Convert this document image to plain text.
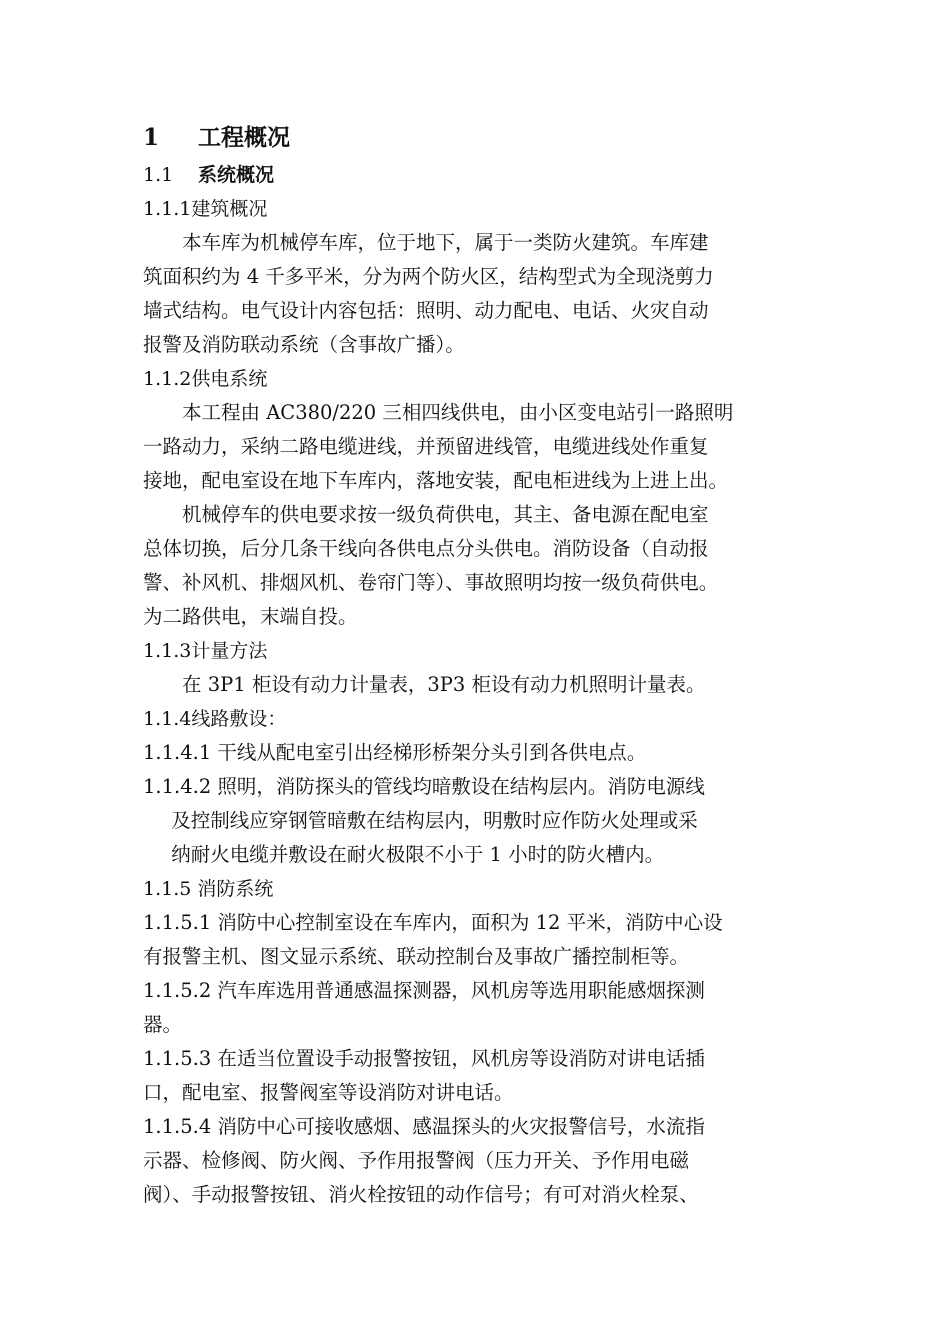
1	工程概况
1.1	系统概况
1.1.1建筑概况

本车库为机械停车库，位于地下，属于一类防火建筑。车库建
筑面积约为 4 千多平米，分为两个防火区，结构型式为全现浇剪力
墙式结构。电气设计内容包括：照明、动力配电、电话、火灾自动
报警及消防联动系统（含事故广播）。

1.1.2供电系统

本工程由 AC380/220 三相四线供电，由小区变电站引一路照明
一路动力，采纳二路电缆进线，并预留进线管，电缆进线处作重复
接地，配电室设在地下车库内，落地安装，配电柜进线为上进上出。

机械停车的供电要求按一级负荷供电，其主、备电源在配电室
总体切换，后分几条干线向各供电点分头供电。消防设备（自动报
警、补风机、排烟风机、卷帘门等）、事故照明均按一级负荷供电。
为二路供电，末端自投。

1.1.3计量方法

在 3P1 柜设有动力计量表，3P3 柜设有动力机照明计量表。

1.1.4线路敷设：

1.1.4.1 干线从配电室引出经梯形桥架分头引到各供电点。

1.1.4.2 照明，消防探头的管线均暗敷设在结构层内。消防电源线
及控制线应穿钢管暗敷在结构层内，明敷时应作防火处理或采
纳耐火电缆并敷设在耐火极限不小于 1 小时的防火槽内。

1.1.5 消防系统

1.1.5.1 消防中心控制室设在车库内，面积为 12 平米，消防中心设
有报警主机、图文显示系统、联动控制台及事故广播控制柜等。

1.1.5.2 汽车库选用普通感温探测器，风机房等选用职能感烟探测
器。

1.1.5.3 在适当位置设手动报警按钮，风机房等设消防对讲电话插
口，配电室、报警阀室等设消防对讲电话。

1.1.5.4 消防中心可接收感烟、感温探头的火灾报警信号，水流指
示器、检修阀、防火阀、予作用报警阀（压力开关、予作用电磁
阀）、手动报警按钮、消火栓按钮的动作信号；有可对消火栓泵、
